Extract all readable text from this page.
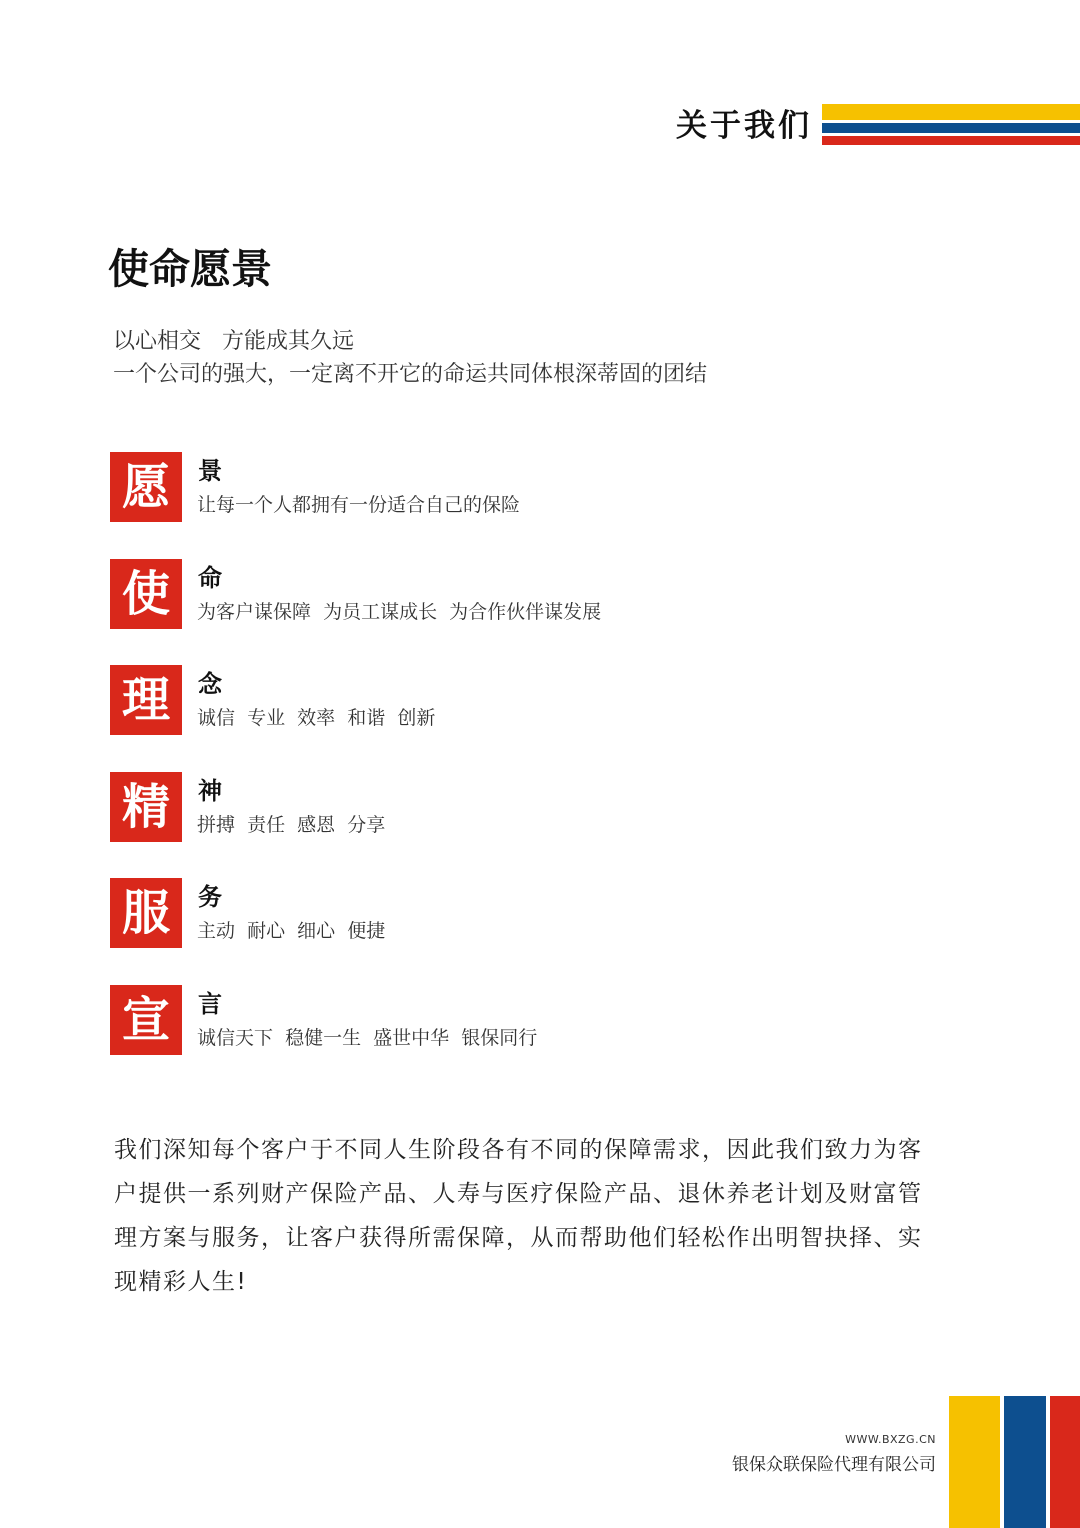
关于我们
使命愿景
以心相交   方能成其久远
一个公司的强大，一定离不开它的命运共同体根深蒂固的团结
愿	景
让每一个人都拥有一份适合自己的保险
使	命
为客户谋保障  为员工谋成长  为合作伙伴谋发展
理	念
诚信  专业  效率  和谐  创新
精	神
拼搏  责任  感恩  分享
服	务
主动  耐心  细心  便捷
宣	言
诚信天下  稳健一生  盛世中华  银保同行
我们深知每个客户于不同人生阶段各有不同的保障需求，因此我们致力为客户提供一系列财产保险产品、人寿与医疗保险产品、退休养老计划及财富管理方案与服务，让客户获得所需保障，从而帮助他们轻松作出明智抉择、实现精彩人生!
WWW.BXZG.CN
银保众联保险代理有限公司
